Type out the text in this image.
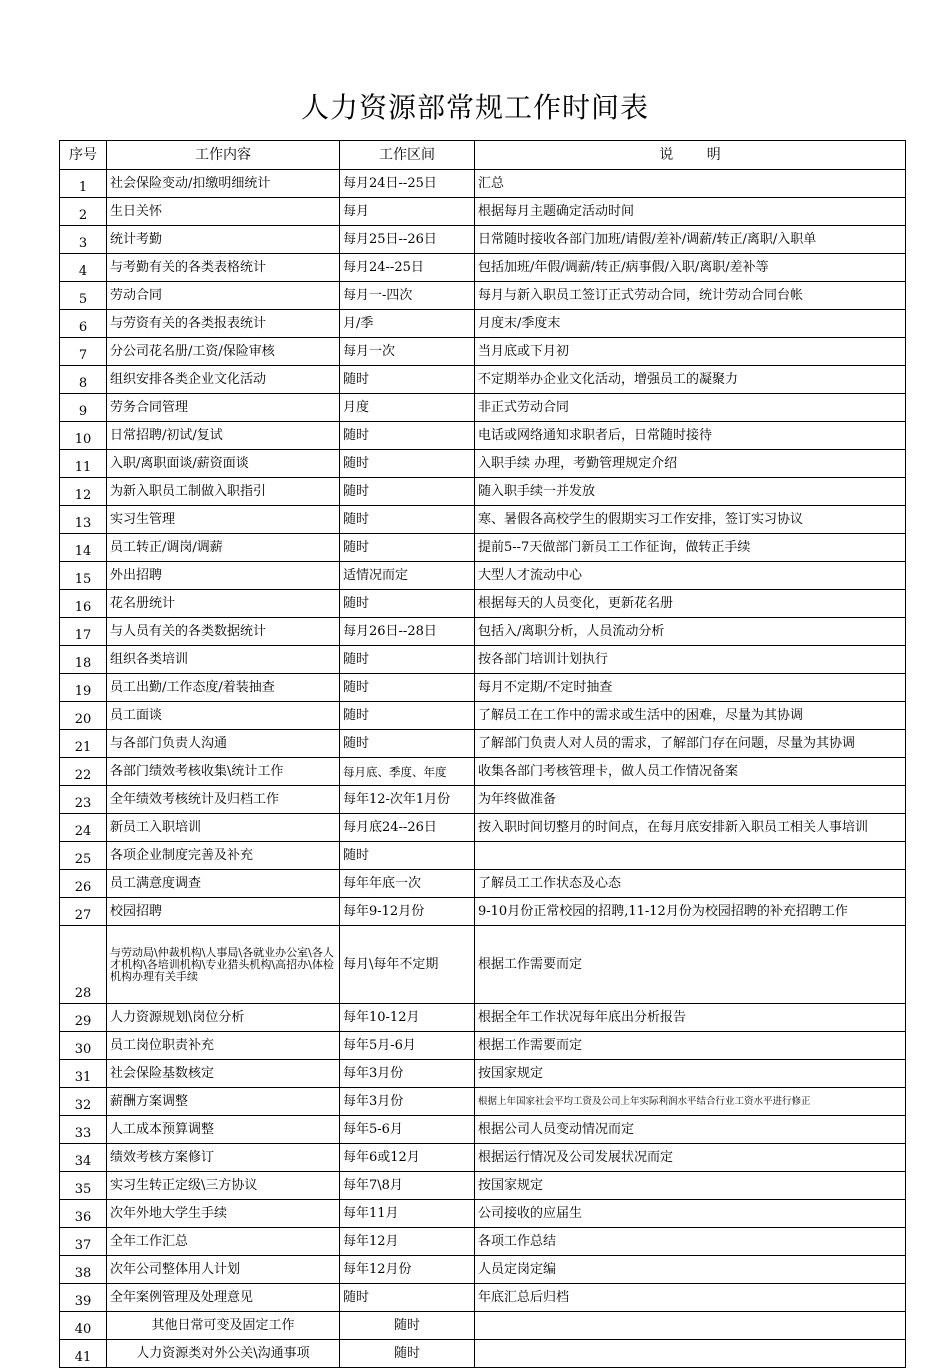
人力资源部常规工作时间表
序号	工作内容	工作区间	说明
1	社会保险变动/扣缴明细统计	每月24日--25日	汇总
2	生日关怀	每月	根据每月主题确定活动时间
3	统计考勤	每月25日--26日	日常随时接收各部门加班/请假/差补/调薪/转正/离职/入职单
4	与考勤有关的各类表格统计	每月24--25日	包括加班/年假/调薪/转正/病事假/入职/离职/差补等
5	劳动合同	每月一-四次	每月与新入职员工签订正式劳动合同，统计劳动合同台帐
6	与劳资有关的各类报表统计	月/季	月度末/季度末
7	分公司花名册/工资/保险审核	每月一次	当月底或下月初
8	组织安排各类企业文化活动	随时	不定期举办企业文化活动，增强员工的凝聚力
9	劳务合同管理	月度	非正式劳动合同
10	日常招聘/初试/复试	随时	电话或网络通知求职者后，日常随时接待
11	入职/离职面谈/薪资面谈	随时	入职手续 办理，考勤管理规定介绍
12	为新入职员工制做入职指引	随时	随入职手续一并发放
13	实习生管理	随时	寒、暑假各高校学生的假期实习工作安排，签订实习协议
14	员工转正/调岗/调薪	随时	提前5--7天做部门新员工工作征询，做转正手续
15	外出招聘	适情况而定	大型人才流动中心
16	花名册统计	随时	根据每天的人员变化，更新花名册
17	与人员有关的各类数据统计	每月26日--28日	包括入/离职分析，人员流动分析
18	组织各类培训	随时	按各部门培训计划执行
19	员工出勤/工作态度/着装抽查	随时	每月不定期/不定时抽查
20	员工面谈	随时	了解员工在工作中的需求或生活中的困难，尽量为其协调
21	与各部门负责人沟通	随时	了解部门负责人对人员的需求，了解部门存在问题，尽量为其协调
22	各部门绩效考核收集\统计工作	每月底、季度、年度	收集各部门考核管理卡，做人员工作情况备案
23	全年绩效考核统计及归档工作	每年12-次年1月份	为年终做准备
24	新员工入职培训	每月底24--26日	按入职时间切整月的时间点，在每月底安排新入职员工相关人事培训
25	各项企业制度完善及补充	随时	
26	员工满意度调查	每年年底一次	了解员工工作状态及心态
27	校园招聘	每年9-12月份	9-10月份正常校园的招聘,11-12月份为校园招聘的补充招聘工作
28	与劳动局\仲裁机构\人事局\各就业办公室\各人才机构\各培训机构\专业猎头机构\高招办\体检机构办理有关手续	每月\每年不定期	根据工作需要而定
29	人力资源规划\岗位分析	每年10-12月	根据全年工作状况每年底出分析报告
30	员工岗位职责补充	每年5月-6月	根据工作需要而定
31	社会保险基数核定	每年3月份	按国家规定
32	薪酬方案调整	每年3月份	根据上年国家社会平均工资及公司上年实际利润水平结合行业工资水平进行修正
33	人工成本预算调整	每年5-6月	根据公司人员变动情况而定
34	绩效考核方案修订	每年6或12月	根据运行情况及公司发展状况而定
35	实习生转正定级\三方协议	每年7\8月	按国家规定
36	次年外地大学生手续	每年11月	公司接收的应届生
37	全年工作汇总	每年12月	各项工作总结
38	次年公司整体用人计划	每年12月份	人员定岗定编
39	全年案例管理及处理意见	随时	年底汇总后归档
40	其他日常可变及固定工作	随时	
41	人力资源类对外公关\沟通事项	随时	
